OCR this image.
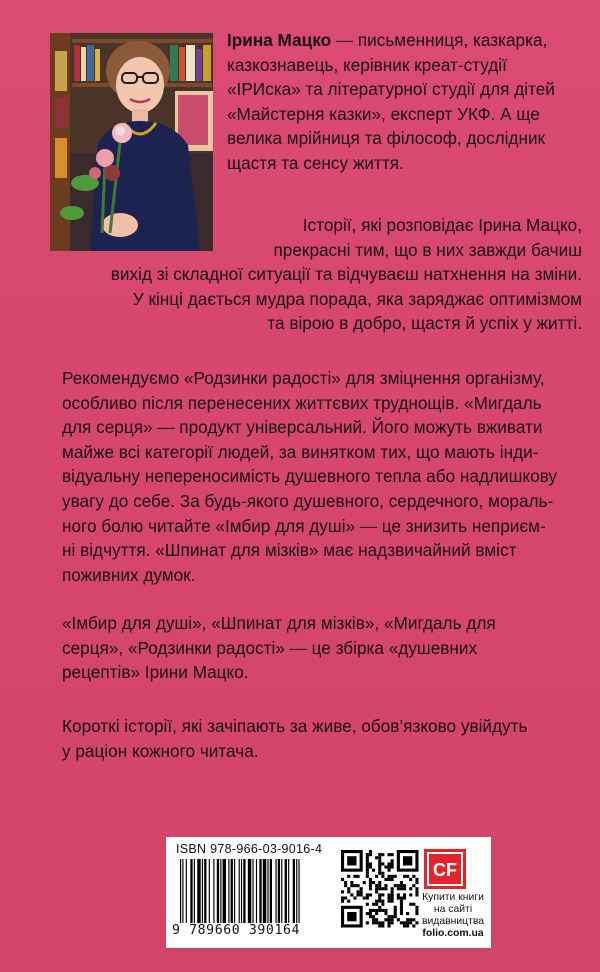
Ірина Мацко — письменниця, казкарка,
казкознавець, керівник креат-студії
«ІРИска» та літературної студії для дітей
«Майстерня казки», експерт УКФ. А ще
велика мрійниця та філософ, дослідник
щастя та сенсу життя.

Історії, які розповідає Ірина Мацко,
прекрасні тим, що в них завжди бачиш
вихід зі складної ситуації та відчуваєш натхнення на зміни.
У кінці дається мудра порада, яка заряджає оптимізмом
та вірою в добро, щастя й успіх у житті.

Рекомендуємо «Родзинки радості» для зміцнення організму,
особливо після перенесених життєвих труднощів. «Мигдаль
для серця» — продукт універсальний. Його можуть вживати
майже всі категорії людей, за винятком тих, що мають інди-
відуальну непереносимість душевного тепла або надлишкову
увагу до себе. За будь-якого душевного, сердечного, мораль-
ного болю читайте «Імбир для душі» — це знизить неприєм-
ні відчуття. «Шпинат для мізків» має надзвичайний вміст
поживних думок.

«Імбир для душі», «Шпинат для мізків», «Мигдаль для
серця», «Родзинки радості» — це збірка «душевних
рецептів» Ірини Мацко.

Короткі історії, які зачіпають за живе, обов’язково увійдуть
у раціон кожного читача.

ISBN 978-966-03-9016-4
9 789660 390164
CF
Купити книги
на сайті
видавництва
folio.com.ua
